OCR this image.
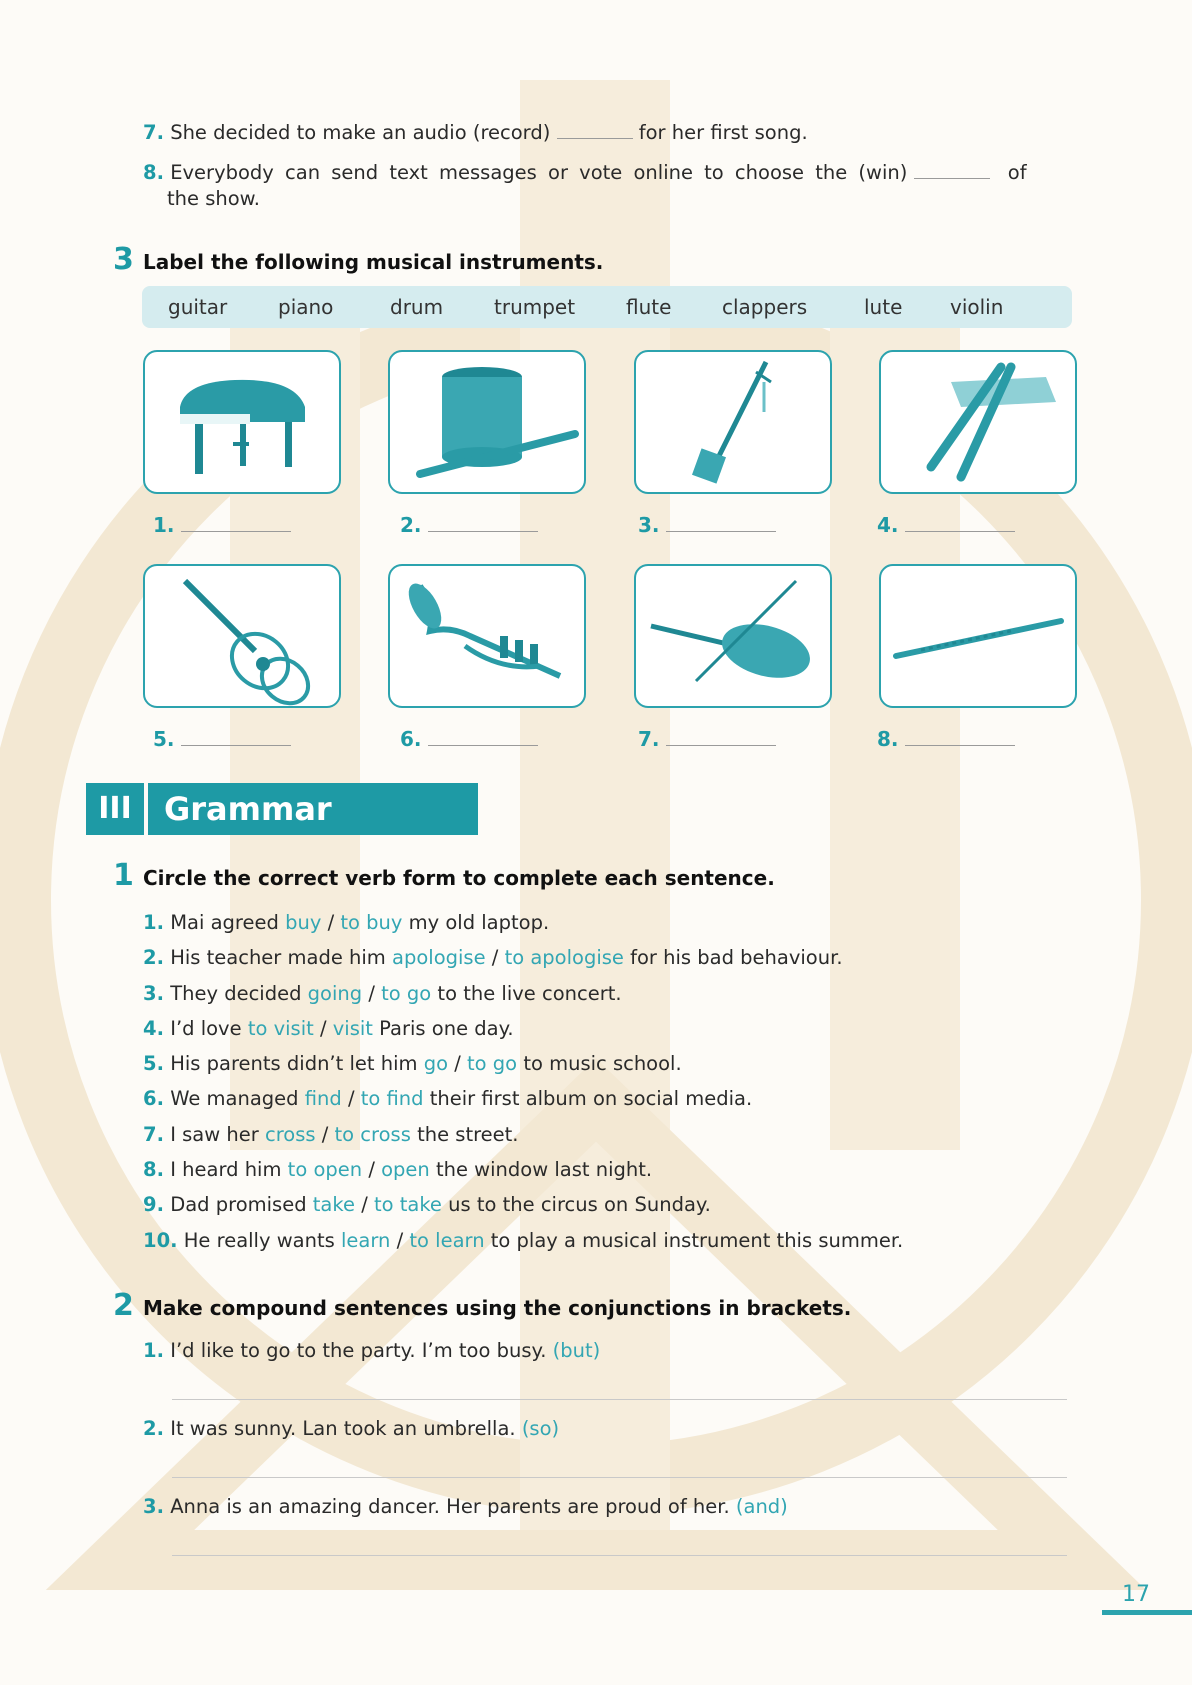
7. She decided to make an audio (record)	for her first song.
8. Everybody can send text messages or vote online to choose the (win)	of
the show.
3 Label the following musical instruments.
guitar	piano	drum	trumpet	flute	clappers	lute violin
1.	2.	3.	4.
5.	6.	7.	8.
III	Grammar
1 Circle the correct verb form to complete each sentence.
1. Mai agreed buy / to buy my old laptop.
2. His teacher made him apologise / to apologise for his bad behaviour.
3. They decided going / to go to the live concert.
4. I’d love to visit / visit Paris one day.
5. His parents didn’t let him go / to go to music school.
6. We managed find / to find their first album on social media.
7. I saw her cross / to cross the street.
8. I heard him to open / open the window last night.
9. Dad promised take / to take us to the circus on Sunday.
10. He really wants learn / to learn to play a musical instrument this summer.
2 Make compound sentences using the conjunctions in brackets.
1. I’d like to go to the party. I’m too busy. (but)
2. It was sunny. Lan took an umbrella. (so)
3. Anna is an amazing dancer. Her parents are proud of her. (and)
17
